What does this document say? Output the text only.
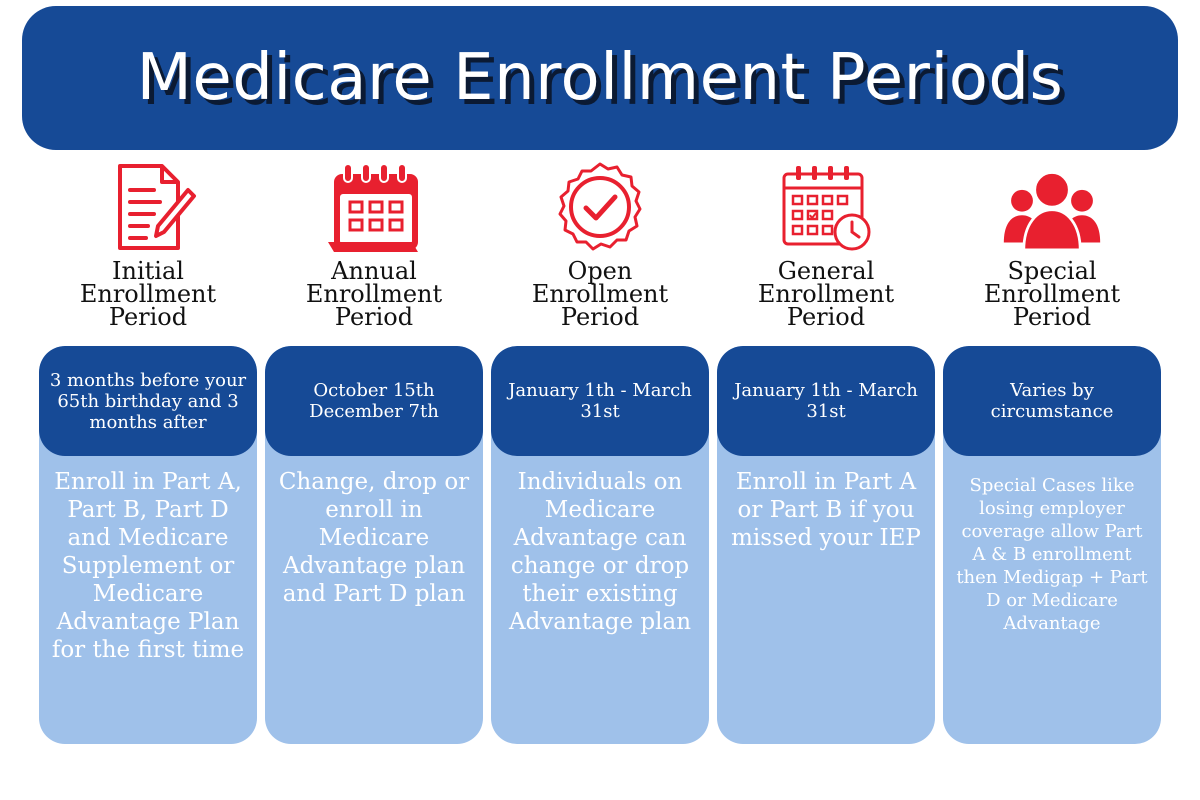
Medicare Enrollment Periods
Initial
Enrollment
Period
3 months before your 65th birthday and 3 months after
Enroll in Part A, Part B, Part D and Medicare Supplement or Medicare Advantage Plan for the first time
Annual
Enrollment
Period
October 15th December 7th
Change, drop or enroll in Medicare Advantage plan and Part D plan
Open
Enrollment
Period
January 1th - March 31st
Individuals on Medicare Advantage can change or drop their existing Advantage plan
General
Enrollment
Period
January 1th - March 31st
Enroll in Part A or Part B if you missed your IEP
Special
Enrollment
Period
Varies by circumstance
Special Cases like losing employer coverage allow Part A & B enrollment then Medigap + Part D or Medicare Advantage
